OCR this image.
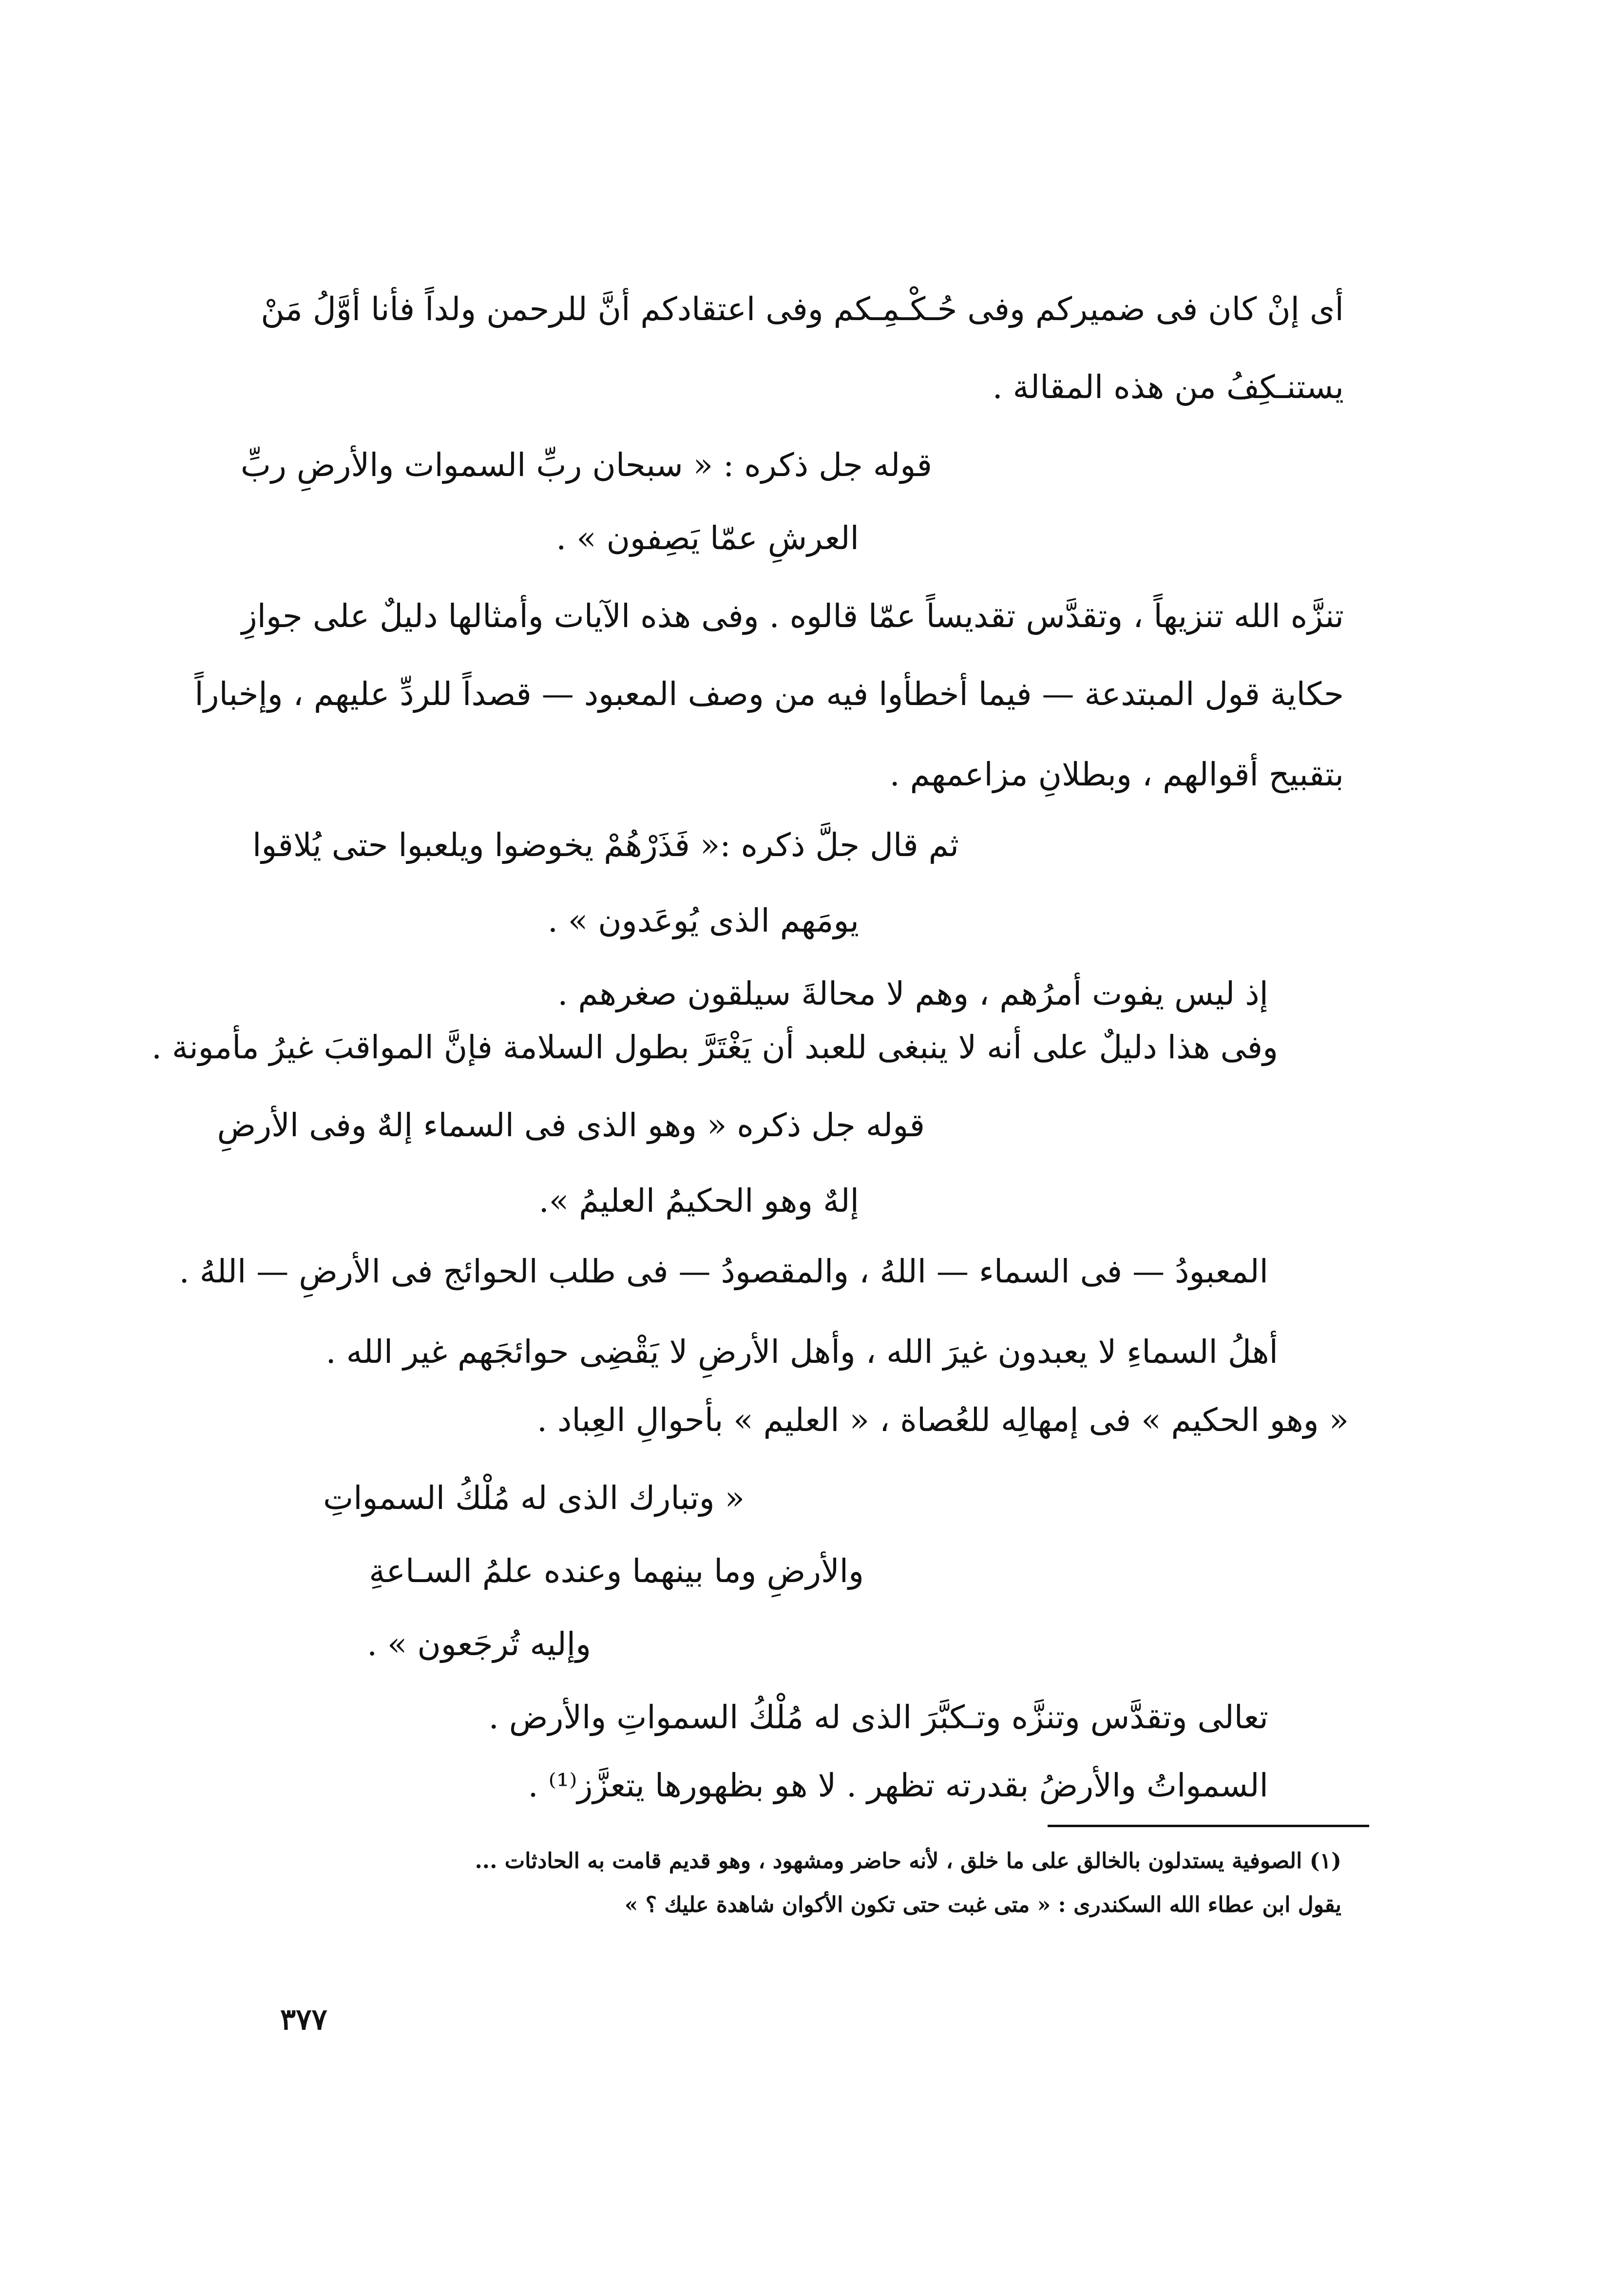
أى إنْ كان فى ضميركم وفى حُـكْـمِـكم وفى اعتقادكم أنَّ للرحمن ولداً فأنا أوَّلُ مَنْ
يستنـكِفُ من هذه المقالة .
قوله جل ذكره : « سبحان ربِّ السموات والأرضِ ربِّ
العرشِ عمّا يَصِفون » .
تنزَّه الله تنزيهاً ، وتقدَّس تقديساً عمّا قالوه . وفى هذه الآيات وأمثالها دليلٌ على جوازِ
حكاية قول المبتدعة — فيما أخطأوا فيه من وصف المعبود — قصداً للردِّ عليهم ، وإخباراً
بتقبيح أقوالهم ، وبطلانِ مزاعمهم .
ثم قال جلَّ ذكره :« فَذَرْهُمْ يخوضوا ويلعبوا حتى يُلاقوا
يومَهم الذى يُوعَدون » .
إذ ليس يفوت أمرُهم ، وهم لا محالةَ سيلقون صغرهم .
وفى هذا دليلٌ على أنه لا ينبغى للعبد أن يَغْتَرَّ بطول السلامة فإنَّ المواقبَ غيرُ مأمونة .
قوله جل ذكره « وهو الذى فى السماء إلهٌ وفى الأرضِ
إلهٌ وهو الحكيمُ العليمُ ».
المعبودُ — فى السماء — اللهُ ، والمقصودُ — فى طلب الحوائج فى الأرضِ — اللهُ .
أهلُ السماءِ لا يعبدون غيرَ الله ، وأهل الأرضِ لا يَقْضِى حوائجَهم غير الله .
« وهو الحكيم » فى إمهالِه للعُصاة ، « العليم » بأحوالِ العِباد .
« وتبارك الذى له مُلْكُ السمواتِ
والأرضِ وما بينهما وعنده علمُ السـاعةِ
وإليه تُرجَعون » .
تعالى وتقدَّس وتنزَّه وتـكبَّرَ الذى له مُلْكُ السمواتِ والأرض .
السمواتُ والأرضُ بقدرته تظهر . لا هو بظهورها يتعزَّز⁽¹⁾ .
(١) الصوفية يستدلون بالخالق على ما خلق ، لأنه حاضر ومشهود ، وهو قديم قامت به الحادثات ...
يقول ابن عطاء الله السكندرى : « متى غبت حتى تكون الأكوان شاهدة عليك ؟ »
٣٧٧
